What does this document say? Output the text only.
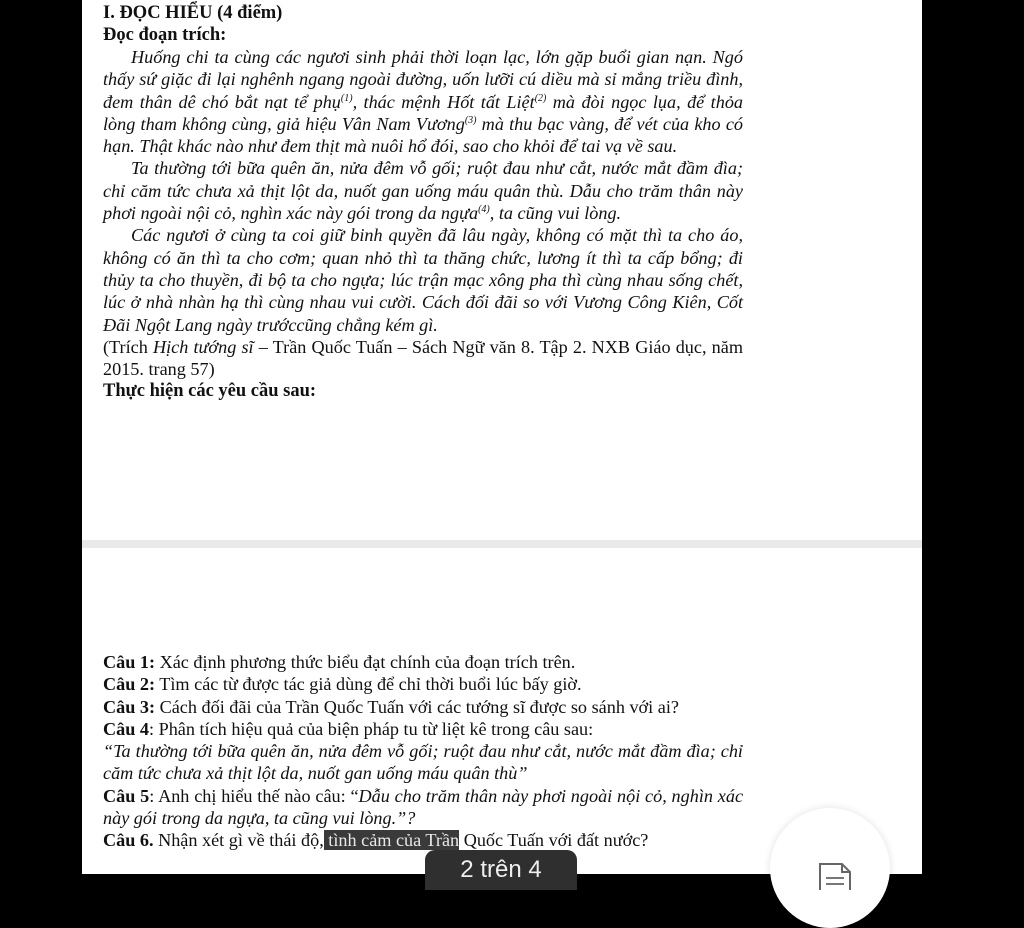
I. ĐỌC HIỂU (4 điểm)
Đọc đoạn trích:

Huống chi ta cùng các ngươi sinh phải thời loạn lạc, lớn gặp buổi gian nạn. Ngó thấy sứ giặc đi lại nghênh ngang ngoài đường, uốn lưỡi cú diều mà sỉ mắng triều đình, đem thân dê chó bắt nạt tể phụ$^{(1)}$, thác mệnh Hốt tất Liệt$^{(2)}$ mà đòi ngọc lụa, để thỏa lòng tham không cùng, giả hiệu Vân Nam Vương$^{(3)}$ mà thu bạc vàng, để vét của kho có hạn. Thật khác nào như đem thịt mà nuôi hổ đói, sao cho khỏi để tai vạ về sau.

Ta thường tới bữa quên ăn, nửa đêm vỗ gối; ruột đau như cắt, nước mắt đầm đìa; chỉ căm tức chưa xả thịt lột da, nuốt gan uống máu quân thù. Dẫu cho trăm thân này phơi ngoài nội cỏ, nghìn xác này gói trong da ngựa$^{(4)}$, ta cũng vui lòng.

Các ngươi ở cùng ta coi giữ binh quyền đã lâu ngày, không có mặt thì ta cho áo, không có ăn thì ta cho cơm; quan nhỏ thì ta thăng chức, lương ít thì ta cấp bổng; đi thủy ta cho thuyền, đi bộ ta cho ngựa; lúc trận mạc xông pha thì cùng nhau sống chết, lúc ở nhà nhàn hạ thì cùng nhau vui cười. Cách đối đãi so với Vương Công Kiên, Cốt Đãi Ngột Lang ngày trướccũng chẳng kém gì.

(Trích Hịch tướng sĩ – Trần Quốc Tuấn – Sách Ngữ văn 8. Tập 2. NXB Giáo dục, năm 2015. trang 57)

Thực hiện các yêu cầu sau:

Câu 1: Xác định phương thức biểu đạt chính của đoạn trích trên.

Câu 2: Tìm các từ được tác giả dùng để chỉ thời buổi lúc bấy giờ.

Câu 3: Cách đối đãi của Trần Quốc Tuấn với các tướng sĩ được so sánh với ai?

Câu 4: Phân tích hiệu quả của biện pháp tu từ liệt kê trong câu sau:

“Ta thường tới bữa quên ăn, nửa đêm vỗ gối; ruột đau như cắt, nước mắt đầm đìa; chỉ căm tức chưa xả thịt lột da, nuốt gan uống máu quân thù”

Câu 5: Anh chị hiểu thế nào câu: “Dẫu cho trăm thân này phơi ngoài nội cỏ, nghìn xác này gói trong da ngựa, ta cũng vui lòng.”?

Câu 6. Nhận xét gì về thái độ, tình cảm của Trần Quốc Tuấn với đất nước?

2 trên 4
